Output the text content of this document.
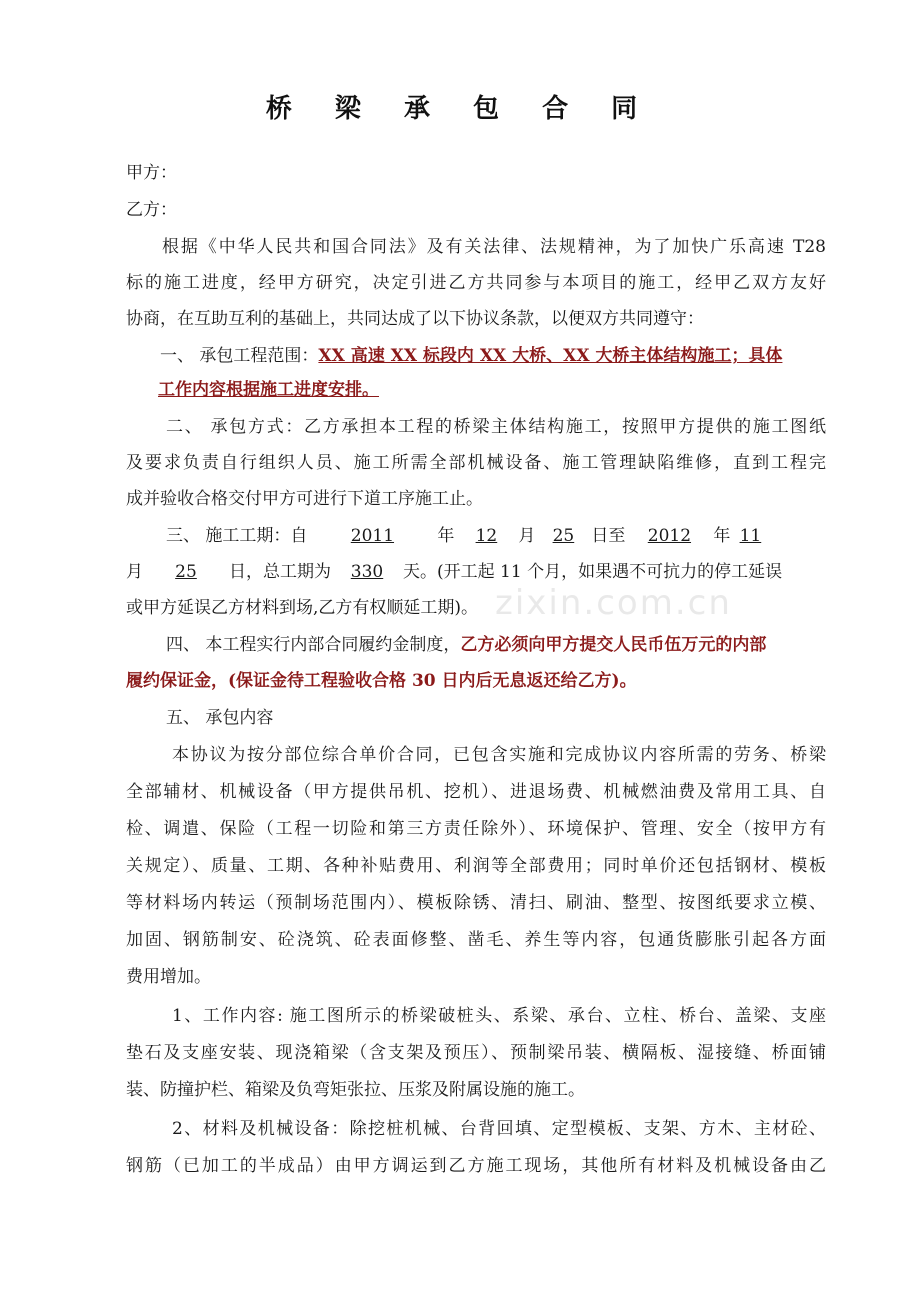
桥 梁 承 包 合 同
甲方：
乙方：
根据《中华人民共和国合同法》及有关法律、法规精神，为了加快广乐高速 T28
标的施工进度，经甲方研究，决定引进乙方共同参与本项目的施工，经甲乙双方友好
协商，在互助互利的基础上，共同达成了以下协议条款，以便双方共同遵守：
一、 承包工程范围：XX 高速 XX 标段内 XX 大桥、XX 大桥主体结构施工；具体
工作内容根据施工进度安排。
二、 承包方式：乙方承担本工程的桥梁主体结构施工，按照甲方提供的施工图纸
及要求负责自行组织人员、施工所需全部机械设备、施工管理缺陷维修，直到工程完
成并验收合格交付甲方可进行下道工序施工止。
三、 施工工期：自	2011	年 12 月 25 日至 2012 年 11
月 25 日，总工期为 330 天。(开工起 11 个月，如果遇不可抗力的停工延误
或甲方延误乙方材料到场,乙方有权顺延工期)。
四、 本工程实行内部合同履约金制度，乙方必须向甲方提交人民币伍万元的内部
履约保证金，(保证金待工程验收合格 30 日内后无息返还给乙方)。
五、 承包内容
本协议为按分部位综合单价合同，已包含实施和完成协议内容所需的劳务、桥梁
全部辅材、机械设备（甲方提供吊机、挖机）、进退场费、机械燃油费及常用工具、自
检、调遣、保险（工程一切险和第三方责任除外）、环境保护、管理、安全（按甲方有
关规定）、质量、工期、各种补贴费用、利润等全部费用；同时单价还包括钢材、模板
等材料场内转运（预制场范围内）、模板除锈、清扫、刷油、整型、按图纸要求立模、
加固、钢筋制安、砼浇筑、砼表面修整、凿毛、养生等内容，包通货膨胀引起各方面
费用增加。
1、工作内容: 施工图所示的桥梁破桩头、系梁、承台、立柱、桥台、盖梁、支座
垫石及支座安装、现浇箱梁（含支架及预压）、预制梁吊装、横隔板、湿接缝、桥面铺
装、防撞护栏、箱梁及负弯矩张拉、压浆及附属设施的施工。
2、材料及机械设备：除挖桩机械、台背回填、定型模板、支架、方木、主材砼、
钢筋（已加工的半成品）由甲方调运到乙方施工现场，其他所有材料及机械设备由乙
zixin.com.cn
